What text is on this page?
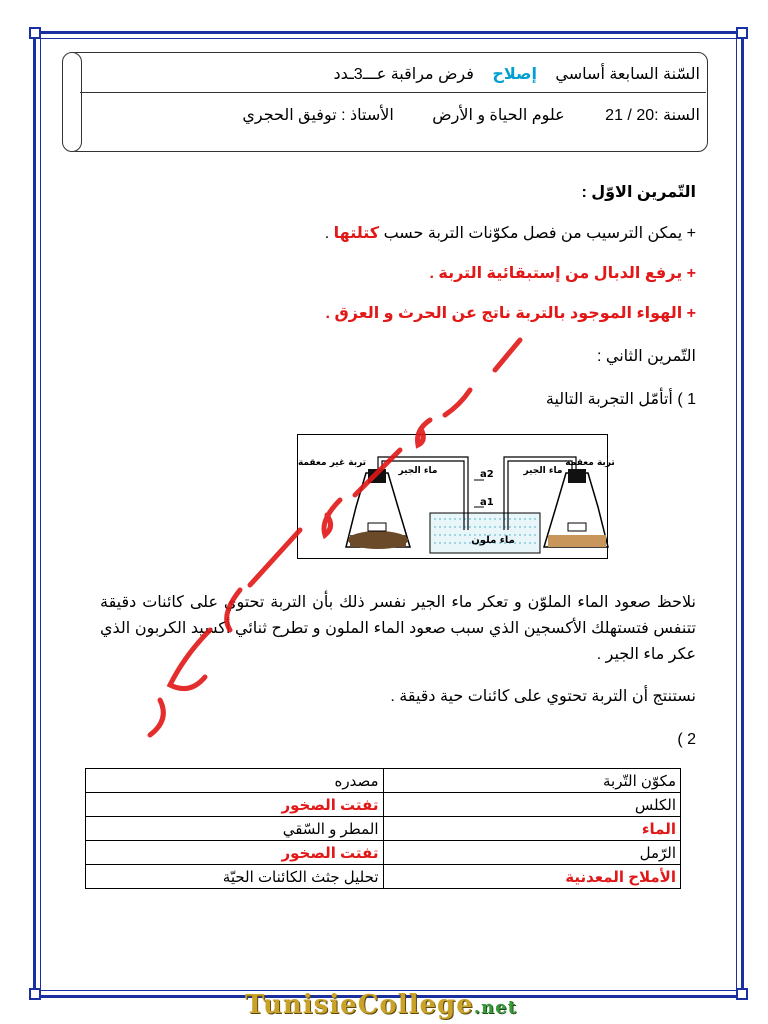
السّنة السابعة أساسي إصلاح فرض مراقبة عـــ3ـدد
السنة :20 / 21 علوم الحياة و الأرض الأستاذ : توفيق الحجري
التّمرين الاوّل :
+ يمكن الترسيب من فصل مكوّنات التربة حسب كتلتها .
+ يرفع الدبال من إستبقائية التربة .
+ الهواء الموجود بالتربة ناتج عن الحرث و العزق .
التّمرين الثاني :
1 ) أتأمّل التجربة التالية
تربة غير معقمة
ماء الجير	a2
a1
ماء ملون
ماء الجير
تربة معقمة
نلاحظ صعود الماء الملوّن و تعكر ماء الجير نفسر ذلك بأن التربة تحتوي على كائنات دقيقة تتنفس فتستهلك الأكسجين الذي سبب صعود الماء الملون و تطرح ثنائي أكسيد الكربون الذي عكر ماء الجير .
نستنتج أن التربة تحتوي على كائنات حية دقيقة .
2 )
مكوّن التّربة	مصدره
الكلس	تفتت الصخور
الماء	المطر و السّقي
الرّمل	تفتت الصخور
الأملاح المعدنية	تحليل جثث الكائنات الحيّة
TunisieCollege.net
